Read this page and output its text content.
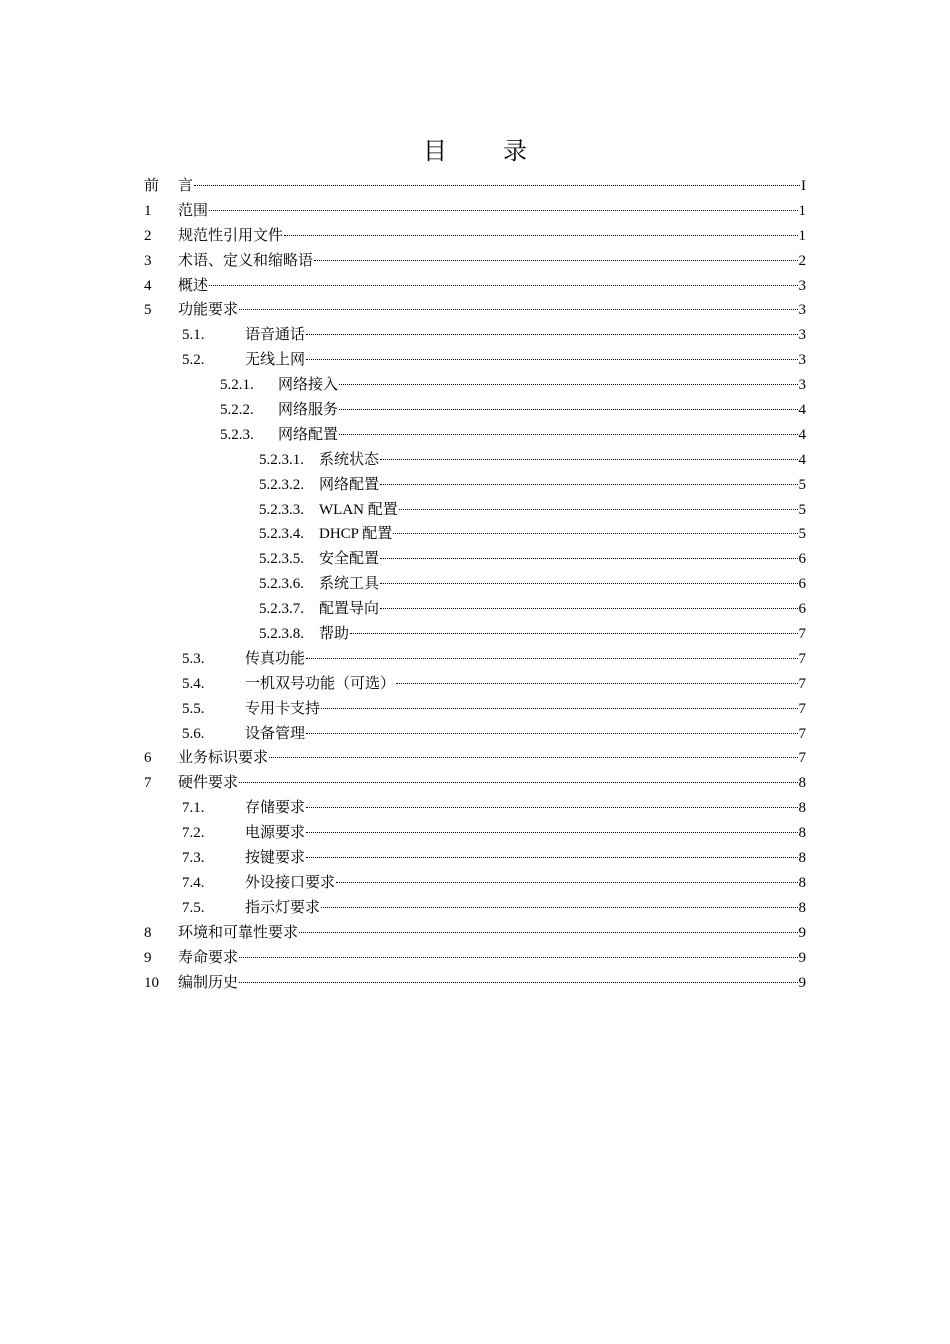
目 录
前	言	I
1	范围	1
2	规范性引用文件	1
3	术语、定义和缩略语	2
4	概述	3
5	功能要求	3
5.1.	语音通话	3
5.2.	无线上网	3
5.2.1.	网络接入	3
5.2.2.	网络服务	4
5.2.3.	网络配置	4
5.2.3.1.	系统状态	4
5.2.3.2.	网络配置	5
5.2.3.3.	WLAN 配置	5
5.2.3.4.	DHCP 配置	5
5.2.3.5.	安全配置	6
5.2.3.6.	系统工具	6
5.2.3.7.	配置导向	6
5.2.3.8.	帮助	7
5.3.	传真功能	7
5.4.	一机双号功能（可选）	7
5.5.	专用卡支持	7
5.6.	设备管理	7
6	业务标识要求	7
7	硬件要求	8
7.1.	存储要求	8
7.2.	电源要求	8
7.3.	按键要求	8
7.4.	外设接口要求	8
7.5.	指示灯要求	8
8	环境和可靠性要求	9
9	寿命要求	9
10	编制历史	9
